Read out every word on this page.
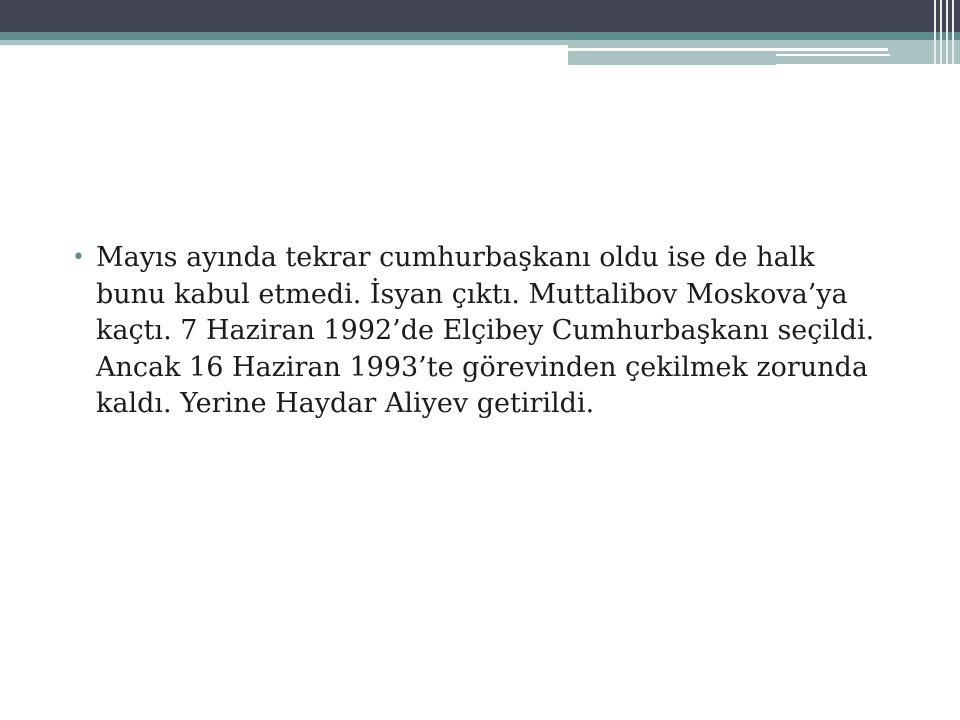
• Mayıs ayında tekrar cumhurbaşkanı oldu ise de halk bunu kabul etmedi. İsyan çıktı. Muttalibov Moskova’ya kaçtı. 7 Haziran 1992’de Elçibey Cumhurbaşkanı seçildi. Ancak 16 Haziran 1993’te görevinden çekilmek zorunda kaldı. Yerine Haydar Aliyev getirildi.
